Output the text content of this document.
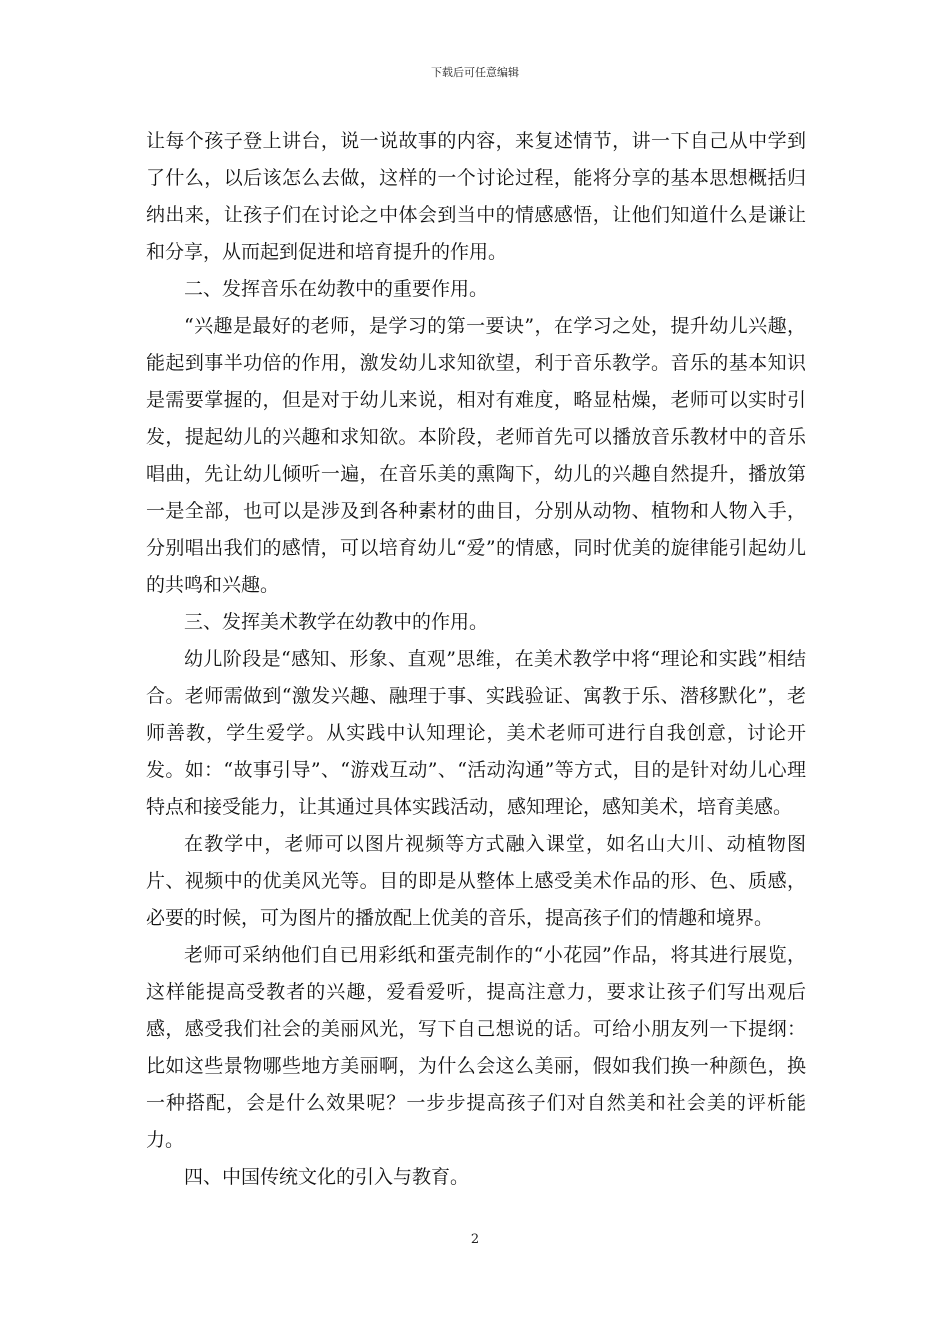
下载后可任意编辑

让每个孩子登上讲台，说一说故事的内容，来复述情节，讲一下自己从中学到了什么，以后该怎么去做，这样的一个讨论过程，能将分享的基本思想概括归纳出来，让孩子们在讨论之中体会到当中的情感感悟，让他们知道什么是谦让和分享，从而起到促进和培育提升的作用。

二、发挥音乐在幼教中的重要作用。

“兴趣是最好的老师，是学习的第一要诀”，在学习之处，提升幼儿兴趣，能起到事半功倍的作用，激发幼儿求知欲望，利于音乐教学。音乐的基本知识是需要掌握的，但是对于幼儿来说，相对有难度，略显枯燥，老师可以实时引发，提起幼儿的兴趣和求知欲。本阶段，老师首先可以播放音乐教材中的音乐唱曲，先让幼儿倾听一遍，在音乐美的熏陶下，幼儿的兴趣自然提升，播放第一是全部，也可以是涉及到各种素材的曲目，分别从动物、植物和人物入手，分别唱出我们的感情，可以培育幼儿“爱”的情感，同时优美的旋律能引起幼儿的共鸣和兴趣。

三、发挥美术教学在幼教中的作用。

幼儿阶段是“感知、形象、直观”思维，在美术教学中将“理论和实践”相结合。老师需做到“激发兴趣、融理于事、实践验证、寓教于乐、潜移默化”，老师善教，学生爱学。从实践中认知理论，美术老师可进行自我创意，讨论开发。如：“故事引导”、“游戏互动”、“活动沟通”等方式，目的是针对幼儿心理特点和接受能力，让其通过具体实践活动，感知理论，感知美术，培育美感。

在教学中，老师可以图片视频等方式融入课堂，如名山大川、动植物图片、视频中的优美风光等。目的即是从整体上感受美术作品的形、色、质感，必要的时候，可为图片的播放配上优美的音乐，提高孩子们的情趣和境界。

老师可采纳他们自已用彩纸和蛋壳制作的“小花园”作品，将其进行展览，这样能提高受教者的兴趣，爱看爱听，提高注意力，要求让孩子们写出观后感，感受我们社会的美丽风光，写下自己想说的话。可给小朋友列一下提纲：比如这些景物哪些地方美丽啊，为什么会这么美丽，假如我们换一种颜色，换一种搭配，会是什么效果呢？一步步提高孩子们对自然美和社会美的评析能力。

四、中国传统文化的引入与教育。

2
